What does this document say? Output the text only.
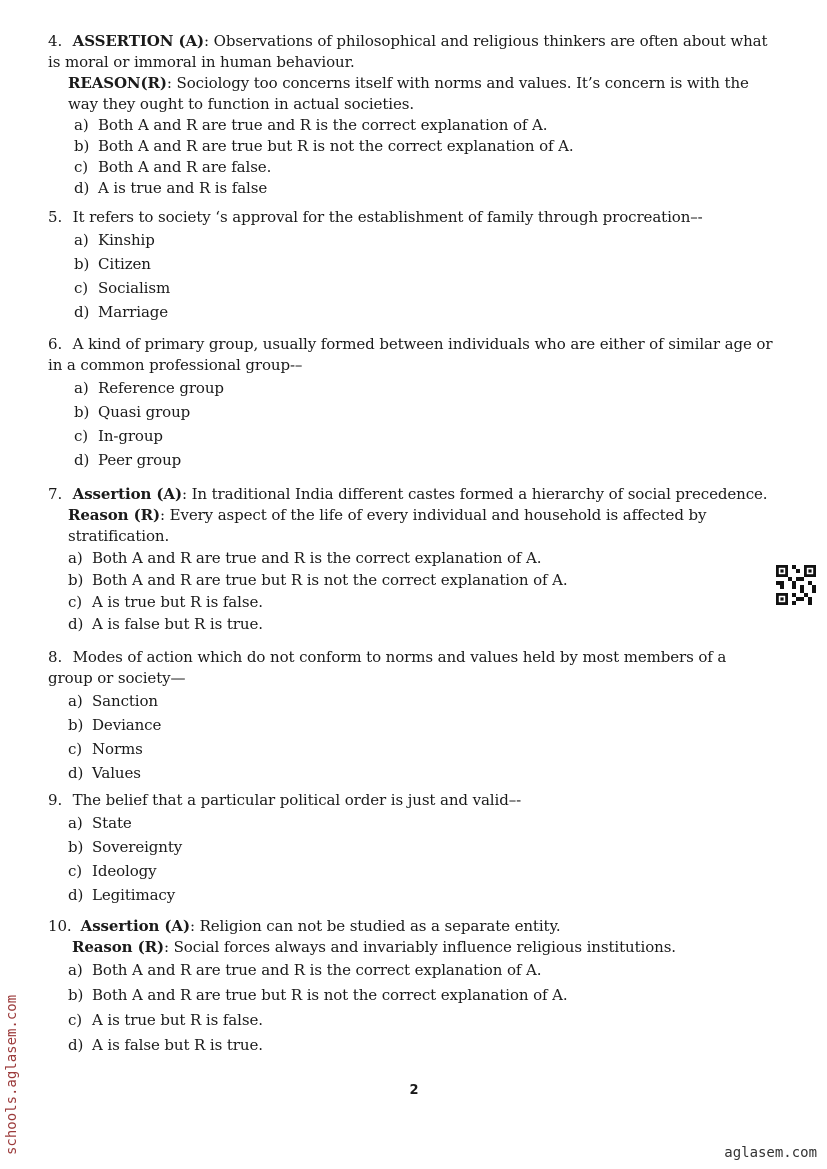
4. ASSERTION (A): Observations of philosophical and religious thinkers are often about what is moral or immoral in human behaviour.
REASON(R): Sociology too concerns itself with norms and values. It’s concern is with the way they ought to function in actual societies.
a) Both A and R are true and R is the correct explanation of A.
b) Both A and R are true but R is not the correct explanation of A.
c) Both A and R are false.
d) A is true and R is false
5. It refers to society ‘s approval for the establishment of family through procreation–-
a) Kinship
b) Citizen
c) Socialism
d) Marriage
6. A kind of primary group, usually formed between individuals who are either of similar age or in a common professional group-–
a) Reference group
b) Quasi group
c) In-group
d) Peer group
7. Assertion (A): In traditional India different castes formed a hierarchy of social precedence.
Reason (R): Every aspect of the life of every individual and household is affected by stratification.
a) Both A and R are true and R is the correct explanation of A.
b) Both A and R are true but R is not the correct explanation of A.
c) A is true but R is false.
d) A is false but R is true.
8. Modes of action which do not conform to norms and values held by most members of a group or society—
a) Sanction
b) Deviance
c) Norms
d) Values
9. The belief that a particular political order is just and valid–-
a) State
b) Sovereignty
c) Ideology
d) Legitimacy
10. Assertion (A): Religion can not be studied as a separate entity.
Reason (R): Social forces always and invariably influence religious institutions.
a) Both A and R are true and R is the correct explanation of A.
b) Both A and R are true but R is not the correct explanation of A.
c) A is true but R is false.
d) A is false but R is true.
2
schools.aglasem.com	aglasem.com
